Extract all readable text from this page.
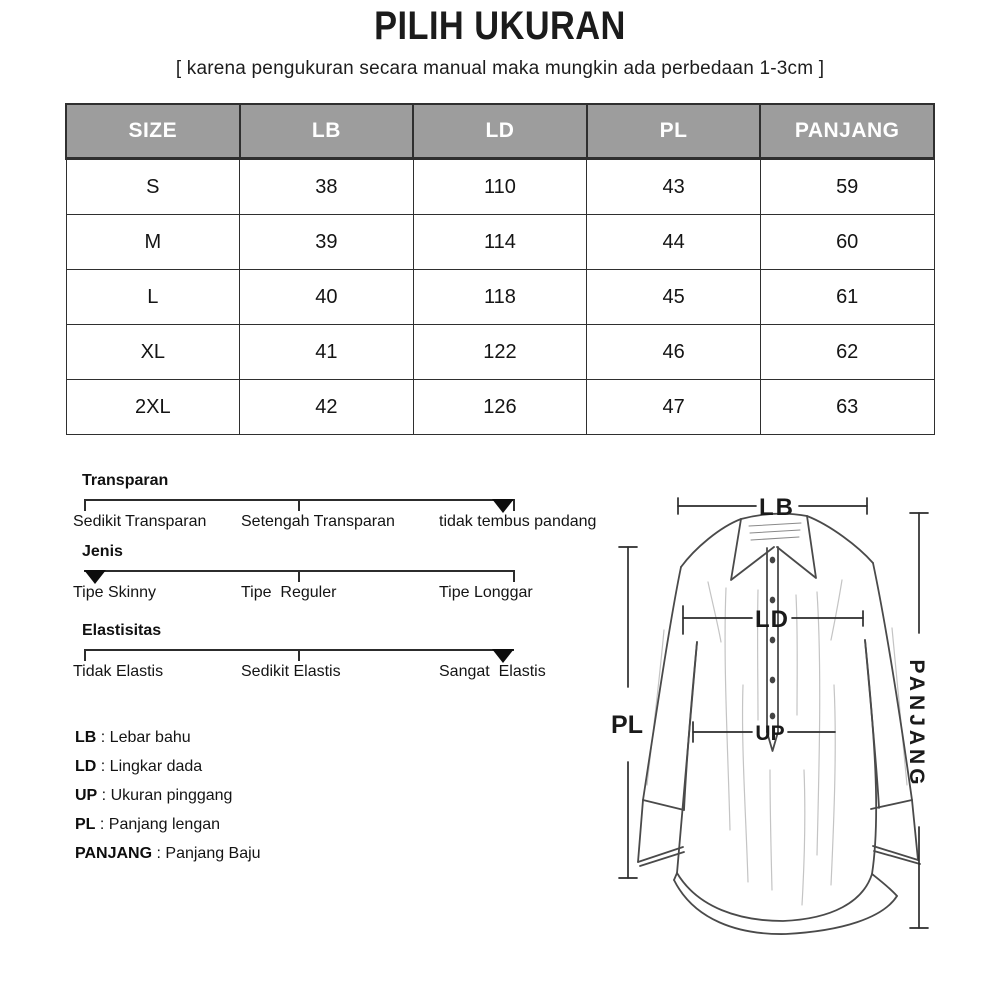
PILIH UKURAN
[ karena pengukuran secara manual maka mungkin ada perbedaan 1-3cm ]
SIZE	LB	LD	PL	PANJANG
S	38	110	43	59
M	39	114	44	60
L	40	118	45	61
XL	41	122	46	62
2XL	42	126	47	63
Transparan
Sedikit Transparan Setengah Transparan	tidak tembus pandang
Jenis
Tipe Skinny	Tipe  Reguler	Tipe Longgar
Elastisitas
Tidak Elastis	Sedikit Elastis	Sangat  Elastis
LB : Lebar bahu
LD : Lingkar dada
UP : Ukuran pinggang
PL : Panjang lengan
PANJANG : Panjang Baju
LB
LD
UP
PL	PANJANG
